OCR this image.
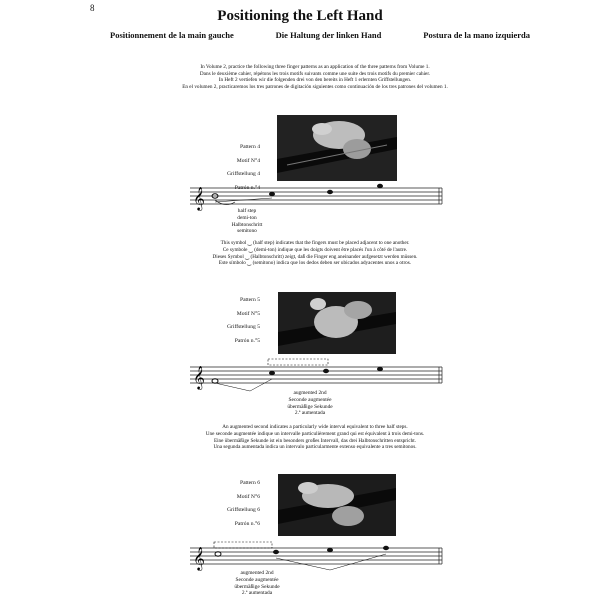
8	Positioning the Left Hand
Positionnement de la main gauche	Die Haltung der linken Hand	Postura de la mano izquierda
In Volume 2, practice the following three finger patterns as an application of the three patterns from Volume 1.
Dans le deuxième cahier, répétons les trois motifs suivants comme une suite des trois motifs du premier cahier.
In Heft 2 vertiefen wir die folgenden drei von den bereits in Heft 1 erlernten Griffstellungen.
En el volumen 2, practicaremos los tres patrones de digitación siguientes como continuación de los tres patrones del volumen 1.
Pattern 4
Motif N°4
Griffstellung 4
Patrón n.°4
𝄞
half step
demi-ton
Halbtonschritt
semitono
This symbol ‿ (half step) indicates that the fingers must be placed adjacent to one another.
Ce symbole ‿ (demi-ton) indique que les doigts doivent être placés l'un à côté de l'autre.
Dieses Symbol ‿ (Halbtonschritt) zeigt, daß die Finger eng aneinander aufgesetzt werden müssen.
Este símbolo ‿ (semitono) indica que los dedos deben ser ubicados adyacentes unos a otros.
Pattern 5
Motif N°5
Griffstellung 5
Patrón n.°5
𝄞
augmented 2nd
Seconde augmentée
übermäßige Sekunde
2.ª aumentada
An augmented second indicates a particularly wide interval equivalent to three half steps.
Une seconde augmentée indique un intervalle particulièrement grand qui est équivalent à trois demi-tons.
Eine übermäßige Sekunde ist ein besonders großes Intervall, das drei Halbtonschritten entspricht.
Una segunda aumentada indica un intervalo particularmente extenso equivalente a tres semitonos.
Pattern 6
Motif N°6
Griffstellung 6
Patrón n.°6
𝄞
augmented 2nd
Seconde augmentée
übermäßige Sekunde
2.ª aumentada
